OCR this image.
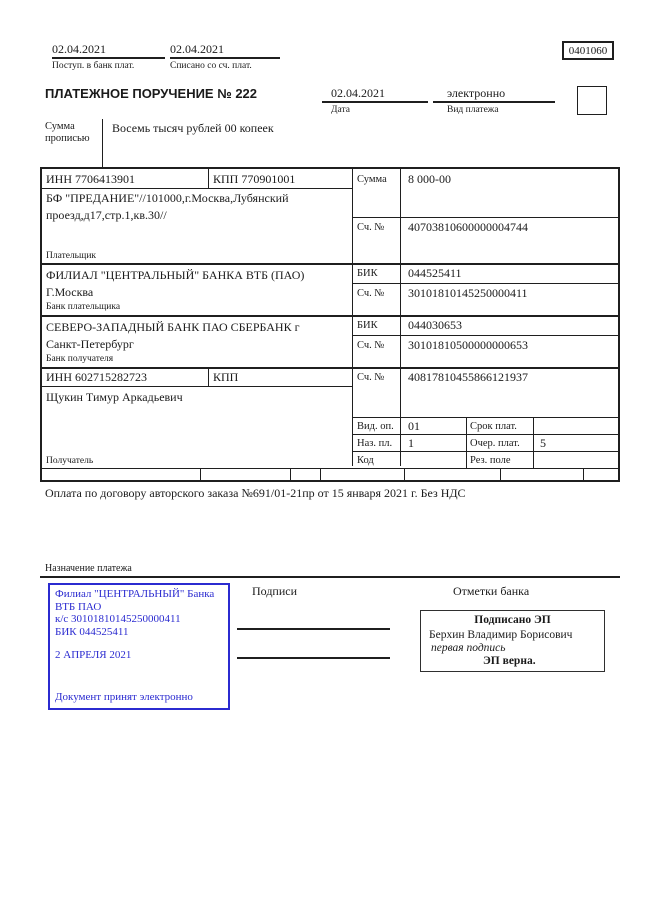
02.04.2021
Поступ. в банк плат.
02.04.2021
Списано со сч. плат.
0401060
ПЛАТЕЖНОЕ ПОРУЧЕНИЕ № 222	02.04.2021
Дата
электронно
Вид платежа
Сумма прописью
Восемь тысяч рублей 00 копеек
ИНН 7706413901	КПП 770901001	Сумма 8 000-00
БФ "ПРЕДАНИЕ"//101000,г.Москва,Лубянский
проезд,д17,стр.1,кв.30//
Сч. № 40703810600000004744
Плательщик
ФИЛИАЛ "ЦЕНТРАЛЬНЫЙ" БАНКА ВТБ (ПАО)
Г.Москва
БИК	044525411
Сч. № 30101810145250000411
Банк плательщика
СЕВЕРО-ЗАПАДНЫЙ БАНК ПАО СБЕРБАНК г
Санкт-Петербург
БИК	044030653
Сч. № 30101810500000000653
Банк получателя
ИНН 602715282723	КПП	Сч. № 40817810455866121937
Щукин Тимур Аркадьевич
Вид. оп. 01	Срок плат.
Наз. пл. 1	Очер. плат. 5
Код	Рез. поле
Получатель
Оплата по договору авторского заказа №691/01-21пр от 15 января 2021 г. Без НДС
Назначение платежа
Филиал "ЦЕНТРАЛЬНЫЙ" Банка
ВТБ ПАО
к/с 30101810145250000411
БИК 044525411
2 АПРЕЛЯ 2021
Документ принят электронно
Подписи	Отметки банка
Подписано ЭП
Берхин Владимир Борисович
первая подпись
ЭП верна.
